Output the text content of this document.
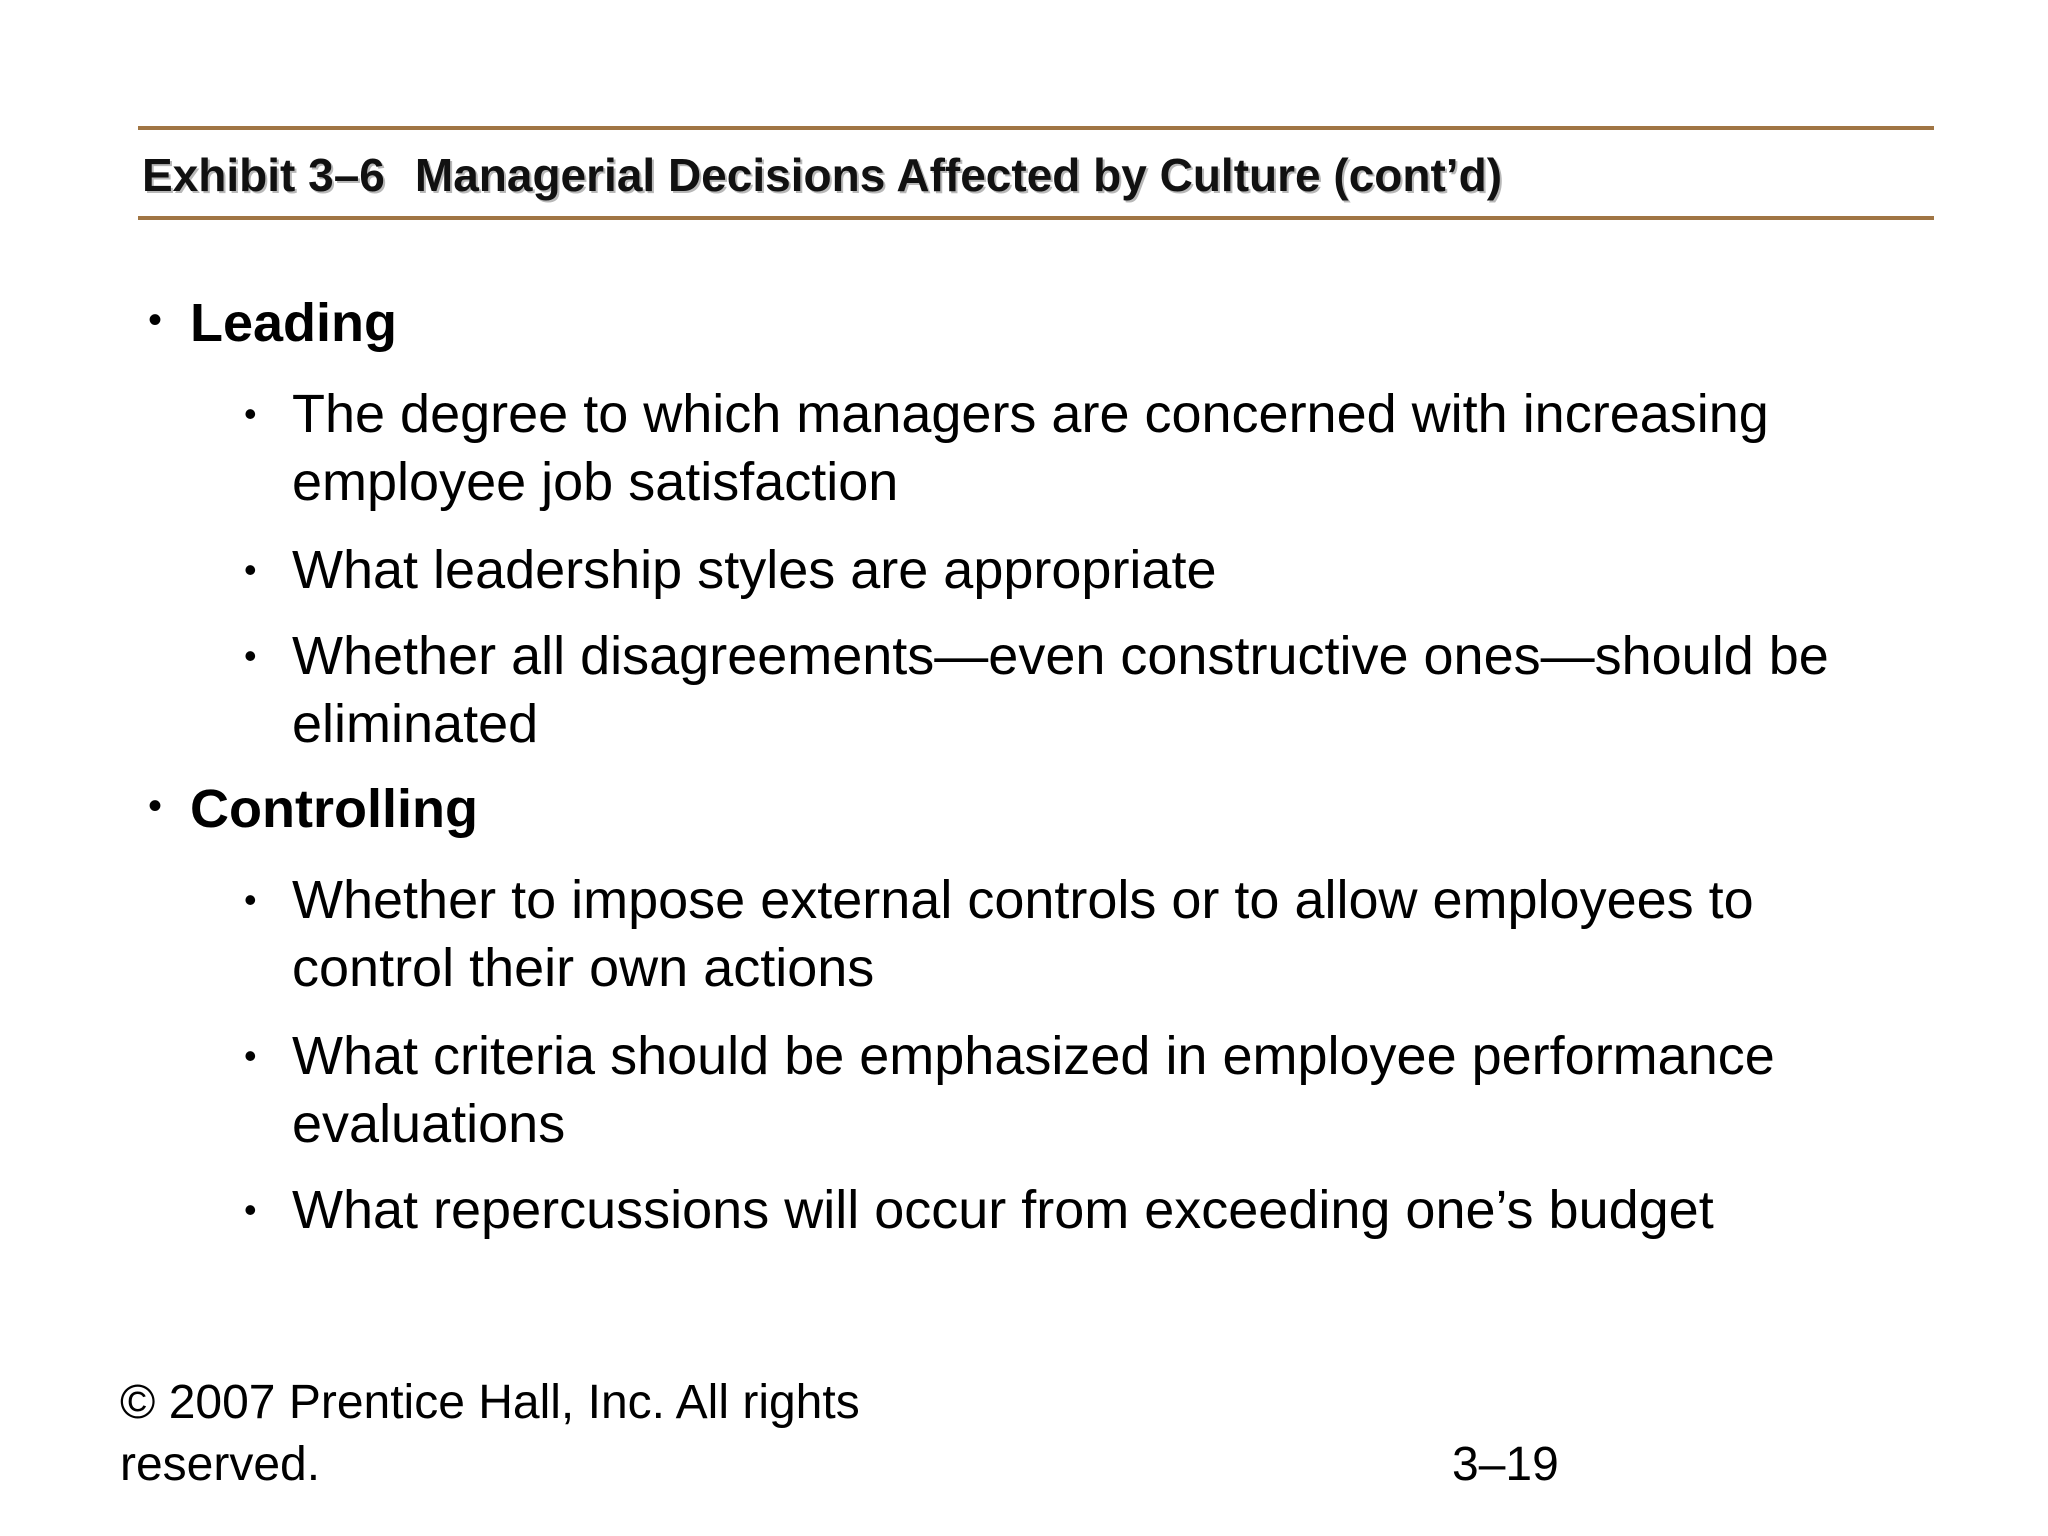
Exhibit 3–6 Managerial Decisions Affected by Culture (cont’d)
• Leading
• The degree to which managers are concerned with increasing employee job satisfaction
• What leadership styles are appropriate
• Whether all disagreements—even constructive ones—should be eliminated
• Controlling
• Whether to impose external controls or to allow employees to control their own actions
• What criteria should be emphasized in employee performance evaluations
• What repercussions will occur from exceeding one’s budget
© 2007 Prentice Hall, Inc. All rights reserved.	3–19
